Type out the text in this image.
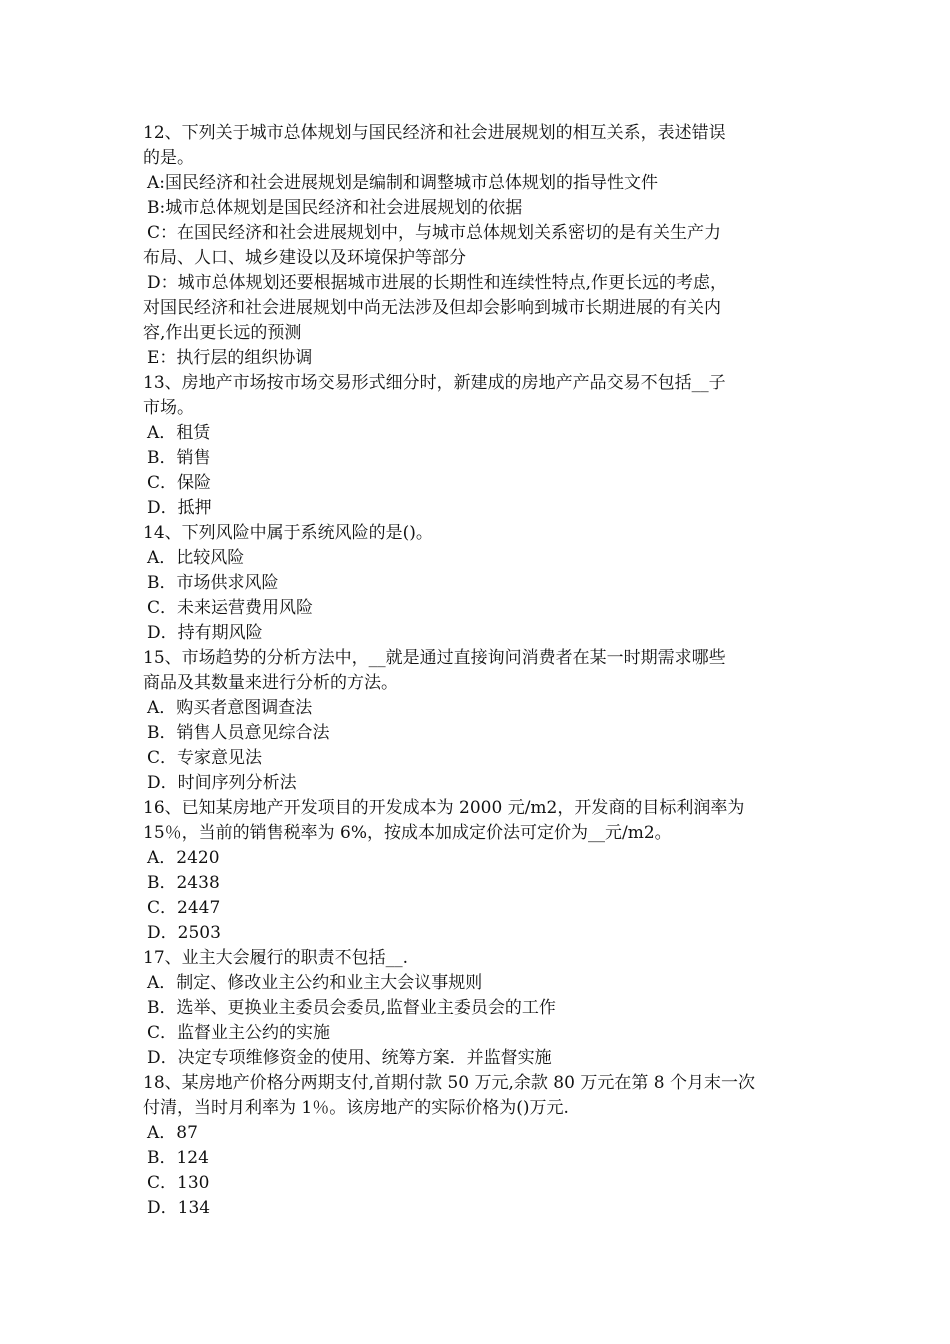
12、下列关于城市总体规划与国民经济和社会进展规划的相互关系，表述错误
的是。
A:国民经济和社会进展规划是编制和调整城市总体规划的指导性文件
B:城市总体规划是国民经济和社会进展规划的依据
C：在国民经济和社会进展规划中，与城市总体规划关系密切的是有关生产力
布局、人口、城乡建设以及环境保护等部分
D：城市总体规划还要根据城市进展的长期性和连续性特点,作更长远的考虑，
对国民经济和社会进展规划中尚无法涉及但却会影响到城市长期进展的有关内
容,作出更长远的预测
E：执行层的组织协调
13、房地产市场按市场交易形式细分时，新建成的房地产产品交易不包括__子
市场。
A．租赁
B．销售
C．保险
D．抵押
14、下列风险中属于系统风险的是()。
A．比较风险
B．市场供求风险
C．未来运营费用风险
D．持有期风险
15、市场趋势的分析方法中，__就是通过直接询问消费者在某一时期需求哪些
商品及其数量来进行分析的方法。
A．购买者意图调查法
B．销售人员意见综合法
C．专家意见法
D．时间序列分析法
16、已知某房地产开发项目的开发成本为 2000 元/m2，开发商的目标利润率为
15％，当前的销售税率为 6%，按成本加成定价法可定价为__元/m2。
A．2420
B．2438
C．2447
D．2503
17、业主大会履行的职责不包括__.
A．制定、修改业主公约和业主大会议事规则
B．选举、更换业主委员会委员,监督业主委员会的工作
C．监督业主公约的实施
D．决定专项维修资金的使用、统筹方案．并监督实施
18、某房地产价格分两期支付,首期付款 50 万元,余款 80 万元在第 8 个月末一次
付清，当时月利率为 1％。该房地产的实际价格为()万元.
A．87
B．124
C．130
D．134
